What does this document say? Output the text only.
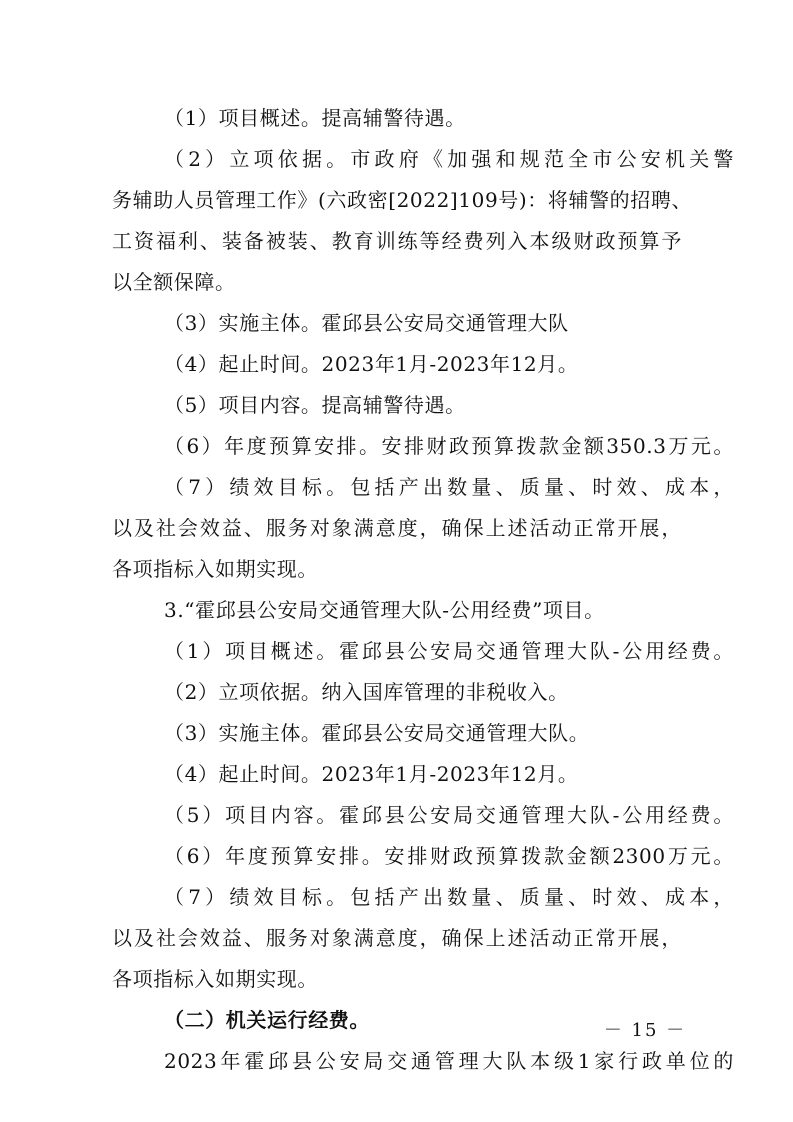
（1）项目概述。提高辅警待遇。
（2）立项依据。市政府《加强和规范全市公安机关警
务辅助人员管理工作》(六政密[2022]109号)：将辅警的招聘、
工资福利、装备被装、教育训练等经费列入本级财政预算予
以全额保障。
（3）实施主体。霍邱县公安局交通管理大队
（4）起止时间。2023年1月-2023年12月。
（5）项目内容。提高辅警待遇。
（6）年度预算安排。安排财政预算拨款金额350.3万元。
（7）绩效目标。包括产出数量、质量、时效、成本，
以及社会效益、服务对象满意度，确保上述活动正常开展，
各项指标入如期实现。
3.“霍邱县公安局交通管理大队-公用经费”项目。
（1）项目概述。霍邱县公安局交通管理大队-公用经费。
（2）立项依据。纳入国库管理的非税收入。
（3）实施主体。霍邱县公安局交通管理大队。
（4）起止时间。2023年1月-2023年12月。
（5）项目内容。霍邱县公安局交通管理大队-公用经费。
（6）年度预算安排。安排财政预算拨款金额2300万元。
（7）绩效目标。包括产出数量、质量、时效、成本，
以及社会效益、服务对象满意度，确保上述活动正常开展，
各项指标入如期实现。
（二）机关运行经费。
2023年霍邱县公安局交通管理大队本级1家行政单位的
－ 15 －
